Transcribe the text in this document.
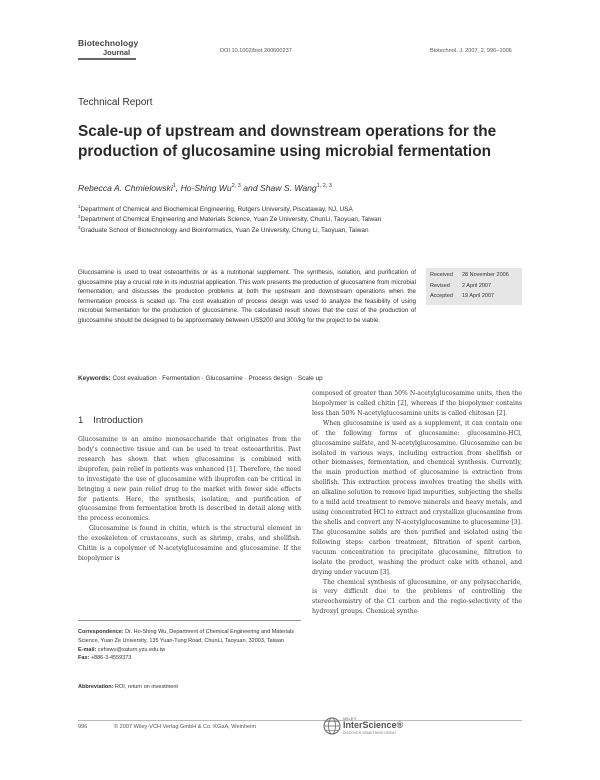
Biotechnology
Journal	DOI 10.1002/biot.200600237	Biotechnol. J. 2007, 2, 996–1006
Technical Report
Scale-up of upstream and downstream operations for the
production of glucosamine using microbial fermentation
Rebecca A. Chmielowski$^1$, Ho-Shing Wu$^{2, 3}$ and Shaw S. Wang$^{1, 2, 3}$
$^1$Department of Chemical and Biochemical Engineering, Rutgers University, Piscataway, NJ, USA
$^2$Department of Chemical Engineering and Materials Science, Yuan Ze University, ChunLi, Taoyuan, Taiwan
$^3$Graduate School of Biotechnology and Bioinformatics, Yuan Ze University, Chung Li, Taoyuan, Taiwan
Glucosamine is used to treat osteoarthritis or as a nutritional supplement. The synthesis, isolation, and purification of glucosamine play a crucial role in its industrial application. This work presents the production of glucosamine from microbial fermentation, and discusses the production problems at both the upstream and downstream operations when the fermentation process is scaled up. The cost evaluation of process design was used to analyze the feasibility of using microbial fermentation for the production of glucosamine. The calculated result shows that the cost of the production of glucosamine should be designed to be approximately between US$200 and 300/kg for the project to be viable.
Received	28 November 2006
Revised	2 April 2007
Accepted	19 April 2007
Keywords: Cost evaluation · Fermentation · Glucosamine · Process design · Scale up
1 Introduction

Glucosamine is an amino monosaccharide that originates from the body's connective tissue and can be used to treat osteoarthritis. Past research has shown that when glucosamine is combined with ibuprofen, pain relief in patients was enhanced [1]. Therefore, the need to investigate the use of glucosamine with ibuprofen can be critical in bringing a new pain relief drug to the market with fewer side effects for patients. Here, the synthesis, isolation, and purification of glucosamine from fermentation broth is described in detail along with the process economics.

Glucosamine is found in chitin, which is the structural element in the exoskeleton of crustaceans, such as shrimp, crabs, and shellfish. Chitin is a copolymer of N-acetylglucosamine and glucosamine. If the biopolymer is

composed of greater than 50% N-acetylglucosamine units, then the biopolymer is called chitin [2], whereas if the biopolymer contains less than 50% N-acetylglucosamine units is called chitosan [2].

When glucosamine is used as a supplement, it can contain one of the following forms of glucosamine: glucosamine-HCl, glucosamine sulfate, and N-acetylglucosamine. Glucosamine can be isolated in various ways, including extraction from shellfish or other biomasses, fermentation, and chemical synthesis. Currently, the main production method of glucosamine is extraction from shellfish. This extraction process involves treating the shells with an alkaline solution to remove lipid impurities, subjecting the shells to a mild acid treatment to remove minerals and heavy metals, and using concentrated HCl to extract and crystallize glucosamine from the shells and convert any N-acetylglucosamine to glucosamine [3]. The glucosamine solids are then purified and isolated using the following steps: carbon treatment, filtration of spent carbon, vacuum concentration to precipitate glucosamine, filtration to isolate the product, washing the product cake with ethanol, and drying under vacuum [3].

The chemical synthesis of glucosamine, or any polysaccharide, is very difficult due to the problems of controlling the stereochemistry of the C1 carbon and the regio-selectivity of the hydroxyl groups. Chemical synthe-

Correspondence: Dr. Ho-Shing Wu, Department of Chemical Engineering and Materials Science, Yuan Ze University, 135 Yuan-Tung Road, ChunLi, Taoyuan, 32003, Taiwan
E-mail: cehswu@saturn.yzu.edu.tw
Fax: +886-3-4559373
Abbreviation: ROI, return on investment
996	© 2007 Wiley-VCH Verlag GmbH & Co. KGaA, Weinheim
WILEY
InterScience®
DISCOVER SOMETHING GREAT
